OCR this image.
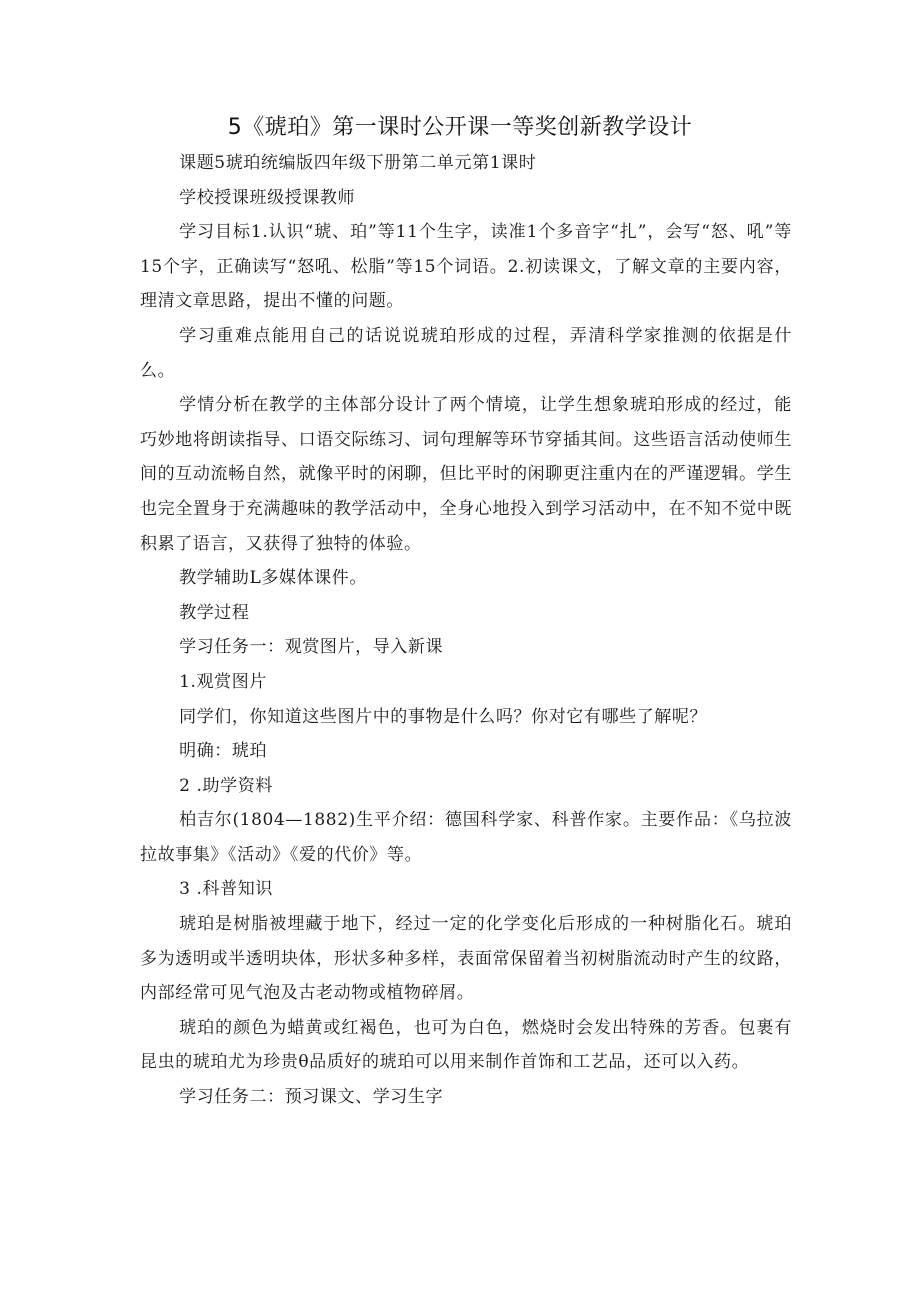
5《琥珀》第一课时公开课一等奖创新教学设计

课题5琥珀统编版四年级下册第二单元第1课时

学校授课班级授课教师

学习目标1.认识“琥、珀”等11个生字，读准1个多音字“扎”，会写“怒、吼”等15个字，正确读写“怒吼、松脂”等15个词语。2.初读课文，了解文章的主要内容，理清文章思路，提出不懂的问题。

学习重难点能用自己的话说说琥珀形成的过程，弄清科学家推测的依据是什么。

学情分析在教学的主体部分设计了两个情境，让学生想象琥珀形成的经过，能巧妙地将朗读指导、口语交际练习、词句理解等环节穿插其间。这些语言活动使师生间的互动流畅自然，就像平时的闲聊，但比平时的闲聊更注重内在的严谨逻辑。学生也完全置身于充满趣味的教学活动中，全身心地投入到学习活动中，在不知不觉中既积累了语言，又获得了独特的体验。

教学辅助L多媒体课件。

教学过程

学习任务一：观赏图片，导入新课

1.观赏图片

同学们，你知道这些图片中的事物是什么吗？你对它有哪些了解呢？

明确：琥珀

2 .助学资料

柏吉尔(1804—1882)生平介绍：德国科学家、科普作家。主要作品：《乌拉波拉故事集》《活动》《爱的代价》等。

3 .科普知识

琥珀是树脂被埋藏于地下，经过一定的化学变化后形成的一种树脂化石。琥珀多为透明或半透明块体，形状多种多样，表面常保留着当初树脂流动时产生的纹路，内部经常可见气泡及古老动物或植物碎屑。

琥珀的颜色为蜡黄或红褐色，也可为白色，燃烧时会发出特殊的芳香。包裹有昆虫的琥珀尤为珍贵θ品质好的琥珀可以用来制作首饰和工艺品，还可以入药。

学习任务二：预习课文、学习生字
